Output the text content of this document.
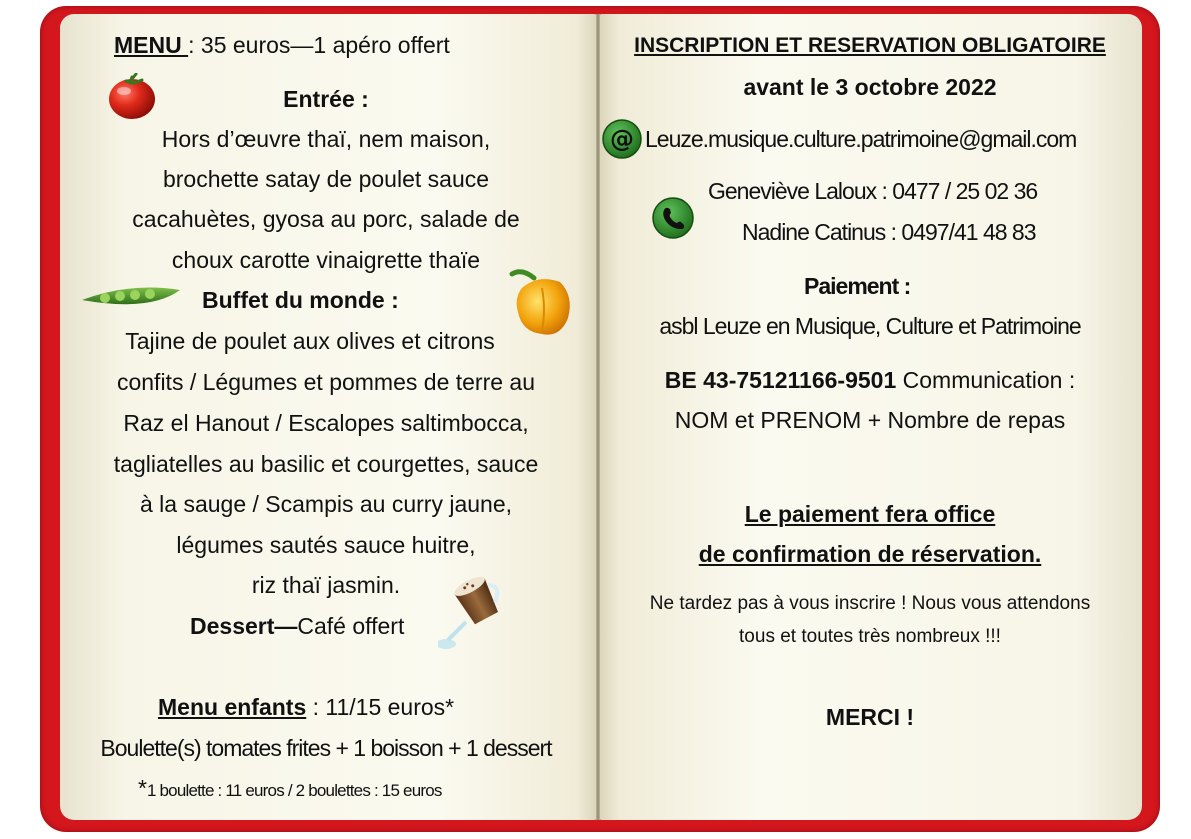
MENU : 35 euros—1 apéro offert
Entrée :
Hors d’œuvre thaï, nem maison,
brochette satay de poulet sauce
cacahuètes, gyosa au porc, salade de
choux carotte vinaigrette thaïe
Buffet du monde :
Tajine de poulet aux olives et citrons
confits / Légumes et pommes de terre au
Raz el Hanout / Escalopes saltimbocca,
tagliatelles au basilic et courgettes, sauce
à la sauge / Scampis au curry jaune,
légumes sautés sauce huitre,
riz thaï jasmin.
Dessert—Café offert
Menu enfants : 11/15 euros*
Boulette(s) tomates frites + 1 boisson + 1 dessert
*1 boulette : 11 euros / 2 boulettes : 15 euros
INSCRIPTION ET RESERVATION OBLIGATOIRE
avant le 3 octobre 2022
@ Leuze.musique.culture.patrimoine@gmail.com
Geneviève Laloux : 0477 / 25 02 36
Nadine Catinus : 0497/41 48 83
Paiement :
asbl Leuze en Musique, Culture et Patrimoine
BE 43-75121166-9501 Communication :
NOM et PRENOM + Nombre de repas
Le paiement fera office
de confirmation de réservation.
Ne tardez pas à vous inscrire ! Nous vous attendons
tous et toutes très nombreux !!!
MERCI !
